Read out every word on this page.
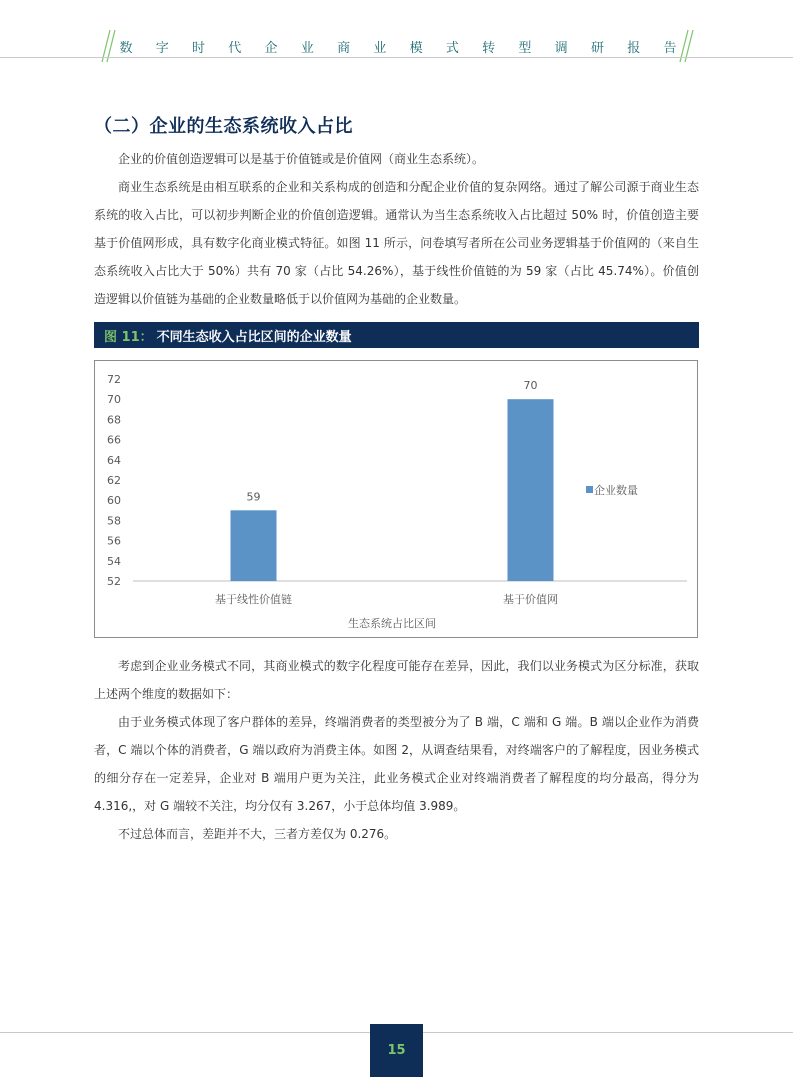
数 字 时 代 企 业 商 业 模 式 转 型 调 研 报 告
（二）企业的生态系统收入占比
企业的价值创造逻辑可以是基于价值链或是价值网（商业生态系统）。
商业生态系统是由相互联系的企业和关系构成的创造和分配企业价值的复杂网络。通过了解公司源于商业生态系统的收入占比，可以初步判断企业的价值创造逻辑。通常认为当生态系统收入占比超过 50% 时，价值创造主要基于价值网形成，具有数字化商业模式特征。如图 11 所示，问卷填写者所在公司业务逻辑基于价值网的（来自生态系统收入占比大于 50%）共有 70 家（占比 54.26%），基于线性价值链的为 59 家（占比 45.74%）。价值创造逻辑以价值链为基础的企业数量略低于以价值网为基础的企业数量。
图 11： 不同生态收入占比区间的企业数量
52
54
56
58
60
62
64
66
68
70
72
59
基于线性价值链
70
基于价值网
生态系统占比区间
企业数量
考虑到企业业务模式不同，其商业模式的数字化程度可能存在差异，因此，我们以业务模式为区分标准，获取上述两个维度的数据如下：
由于业务模式体现了客户群体的差异，终端消费者的类型被分为了 B 端，C 端和 G 端。B 端以企业作为消费者，C 端以个体的消费者，G 端以政府为消费主体。如图 2，从调查结果看，对终端客户的了解程度，因业务模式的细分存在一定差异，企业对 B 端用户更为关注，此业务模式企业对终端消费者了解程度的均分最高，得分为 4.316,，对 G 端较不关注，均分仅有 3.267，小于总体均值 3.989。
不过总体而言，差距并不大，三者方差仅为 0.276。
15
